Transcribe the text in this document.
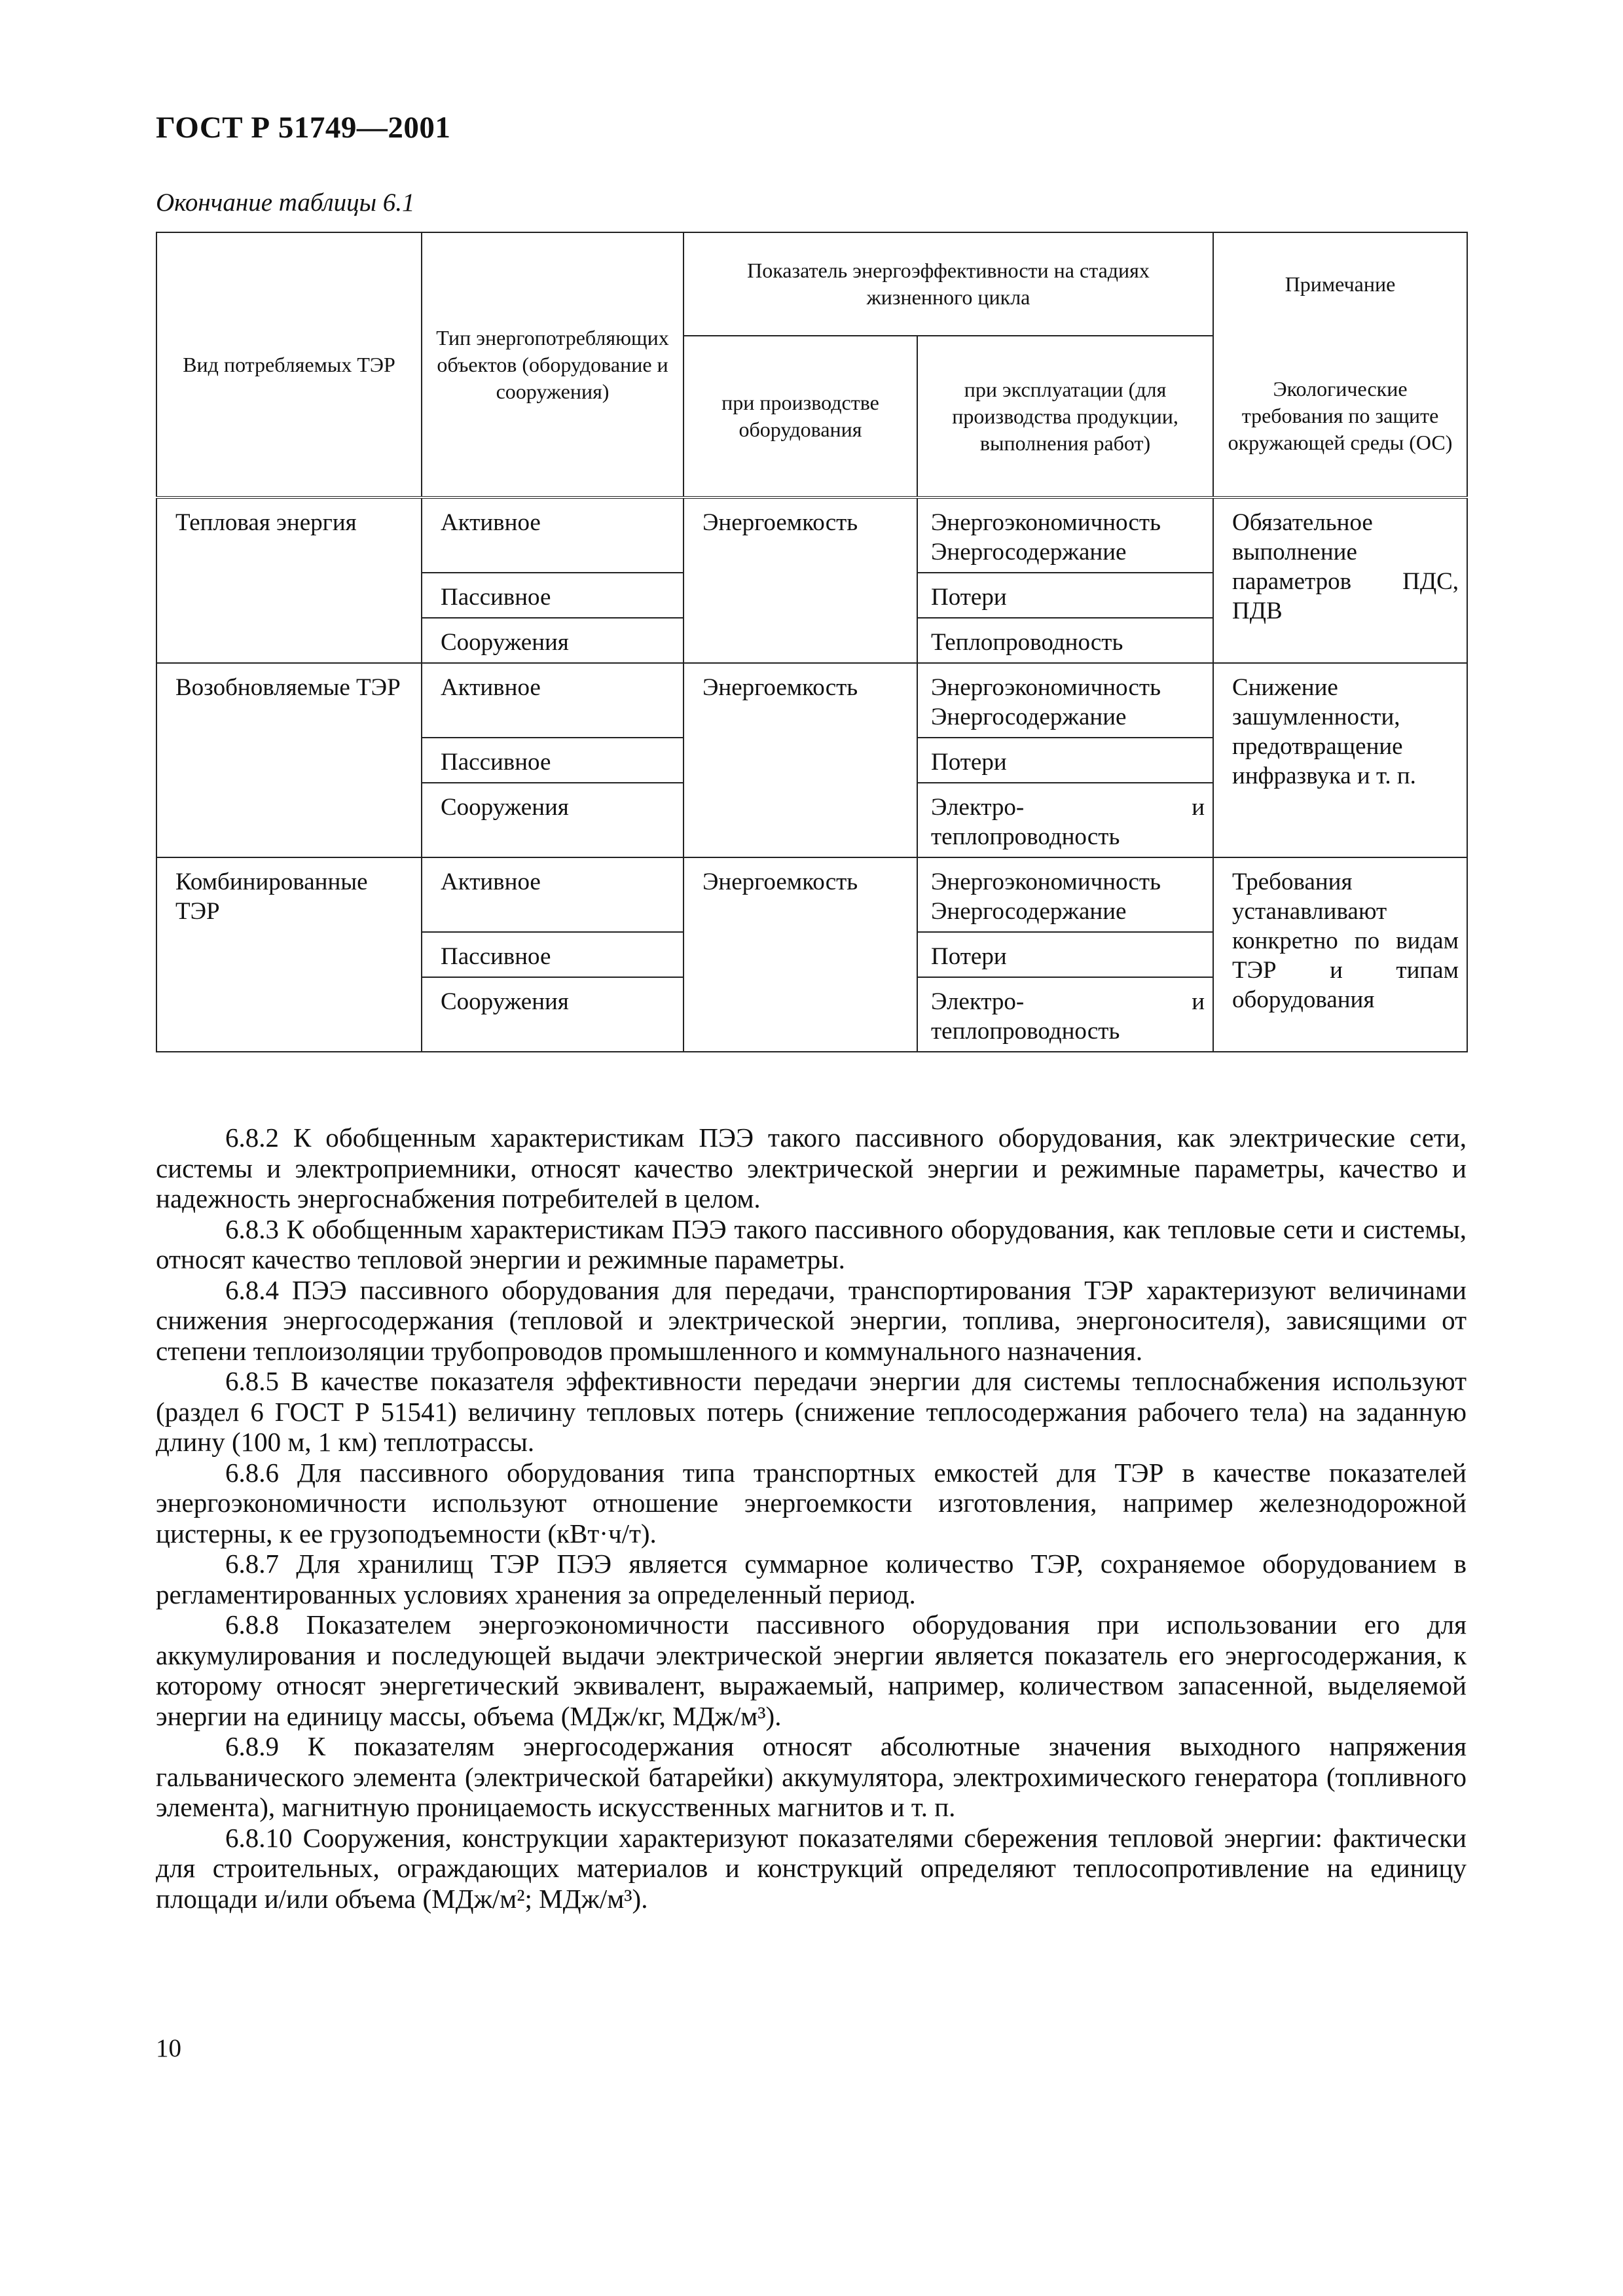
ГОСТ Р 51749—2001
Окончание таблицы 6.1
Вид потребляемых ТЭР	Тип энергопотребляющих объектов (оборудование и сооружения)	Показатель энергоэффективности на стадиях жизненного цикла		Примечание
		при производстве оборудования	при эксплуатации (для производства продукции, выполнения работ)	Экологические требования по защите окружающей среды (ОС)
Тепловая энергия	Активное	Энергоемкость	Энергоэкономичность Энергосодержание	Обязательное выполнение параметров ПДС, ПДВ
	Пассивное		Потери	
	Сооружения		Теплопроводность	
Возобновляемые ТЭР	Активное	Энергоемкость	Энергоэкономичность Энергосодержание	Снижение зашумленности, предотвращение инфразвука и т. п.
	Пассивное		Потери	
	Сооружения		Электро- и теплопроводность	
Комбинированные ТЭР	Активное	Энергоемкость	Энергоэкономичность Энергосодержание	Требования устанавливают конкретно по видам ТЭР и типам оборудования
	Пассивное		Потери	
	Сооружения		Электро- и теплопроводность	

6.8.2 К обобщенным характеристикам ПЭЭ такого пассивного оборудования, как электрические сети, системы и электроприемники, относят качество электрической энергии и режимные параметры, качество и надежность энергоснабжения потребителей в целом.

6.8.3 К обобщенным характеристикам ПЭЭ такого пассивного оборудования, как тепловые сети и системы, относят качество тепловой энергии и режимные параметры.

6.8.4 ПЭЭ пассивного оборудования для передачи, транспортирования ТЭР характеризуют величинами снижения энергосодержания (тепловой и электрической энергии, топлива, энергоносителя), зависящими от степени теплоизоляции трубопроводов промышленного и коммунального назначения.

6.8.5 В качестве показателя эффективности передачи энергии для системы теплоснабжения используют (раздел 6 ГОСТ Р 51541) величину тепловых потерь (снижение теплосодержания рабочего тела) на заданную длину (100 м, 1 км) теплотрассы.

6.8.6 Для пассивного оборудования типа транспортных емкостей для ТЭР в качестве показателей энергоэкономичности используют отношение энергоемкости изготовления, например железнодорожной цистерны, к ее грузоподъемности (кВт·ч/т).

6.8.7 Для хранилищ ТЭР ПЭЭ является суммарное количество ТЭР, сохраняемое оборудованием в регламентированных условиях хранения за определенный период.

6.8.8 Показателем энергоэкономичности пассивного оборудования при использовании его для аккумулирования и последующей выдачи электрической энергии является показатель его энергосодержания, к которому относят энергетический эквивалент, выражаемый, например, количеством запасенной, выделяемой энергии на единицу массы, объема (МДж/кг, МДж/м³).

6.8.9 К показателям энергосодержания относят абсолютные значения выходного напряжения гальванического элемента (электрической батарейки) аккумулятора, электрохимического генератора (топливного элемента), магнитную проницаемость искусственных магнитов и т. п.

6.8.10 Сооружения, конструкции характеризуют показателями сбережения тепловой энергии: фактически для строительных, ограждающих материалов и конструкций определяют теплосопротивление на единицу площади и/или объема (МДж/м²; МДж/м³).

10
